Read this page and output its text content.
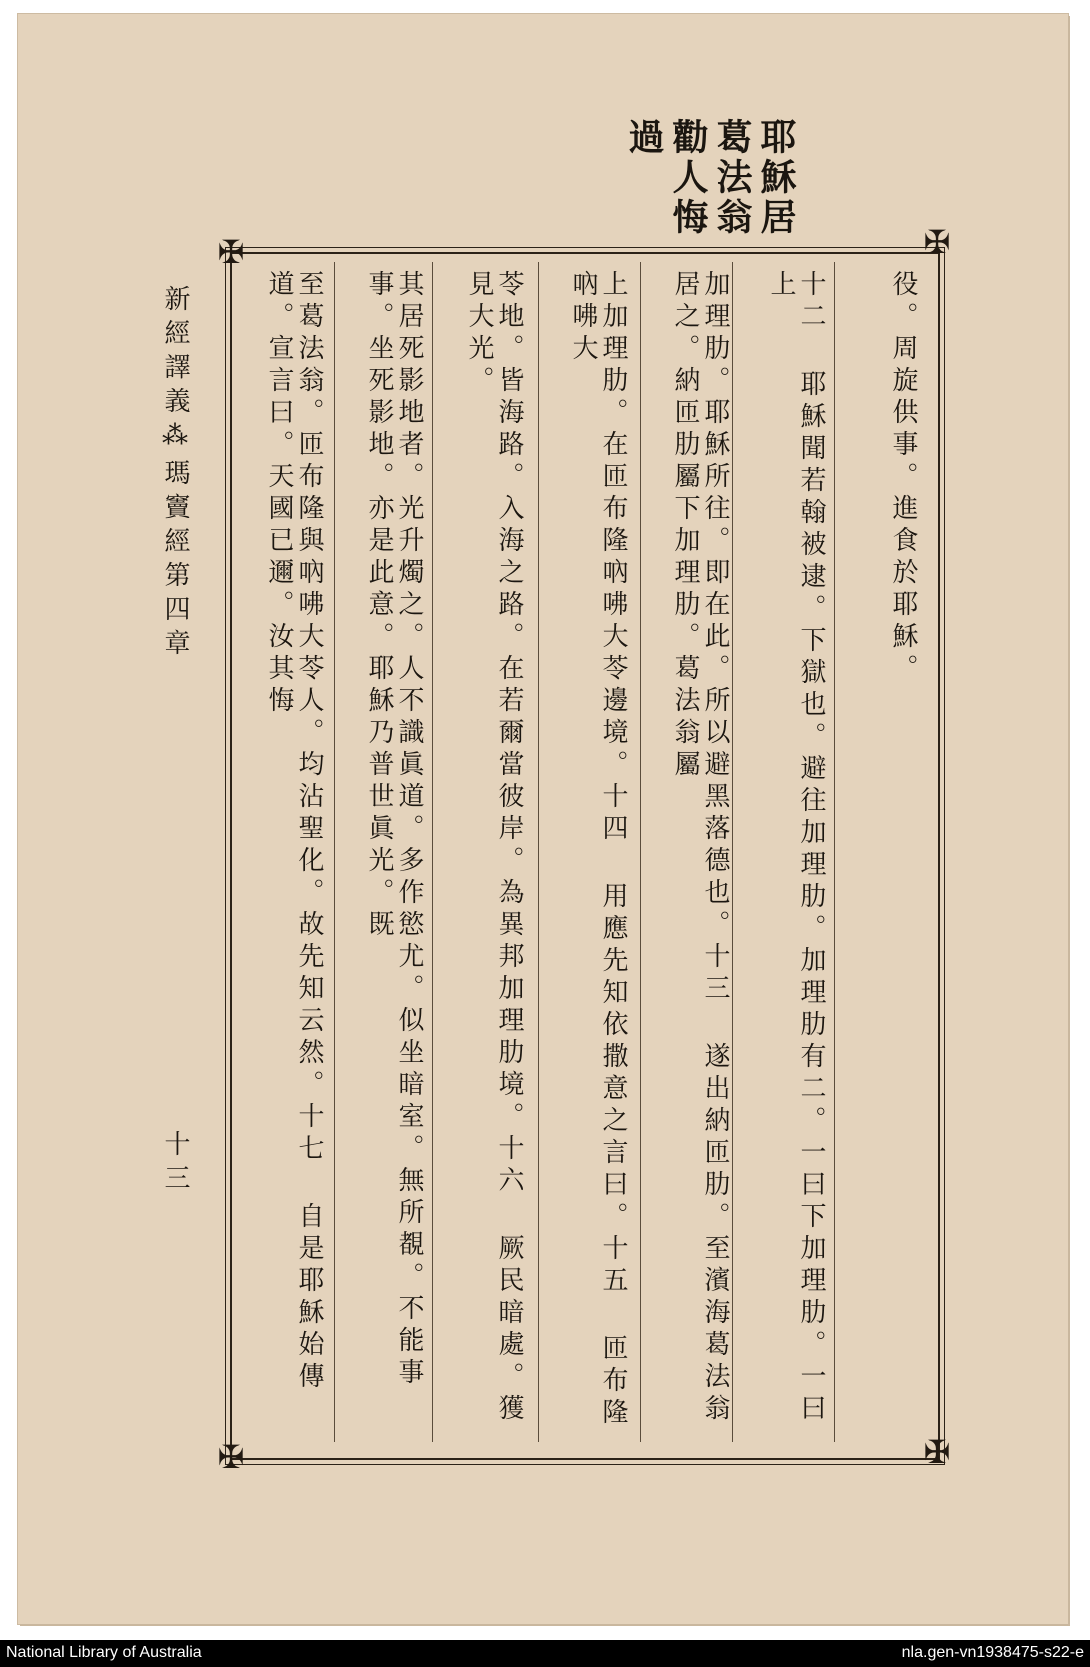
耶穌居
葛法翁
勸人悔
過
✠	✠
✠	✠
役。周旋供事。進食於耶穌。
十二 耶穌聞若翰被逮。下獄也。避往加理肋。加理肋有二。一曰下加理肋。一曰上
加理肋。耶穌所往。即在此。所以避黑落德也。十三 遂出納匝肋。至濱海葛法翁居之。納匝肋屬下加理肋。葛法翁屬
上加理肋。在匝布隆吶咈大苓邊境。十四 用應先知依撒意之言曰。十五 匝布隆吶咈大
苓地。皆海路。入海之路。在若爾當彼岸。為異邦加理肋境。十六 厥民暗處。獲見大光。
其居死影地者。光升燭之。人不識眞道。多作慾尤。似坐暗室。無所覩。不能事事。坐死影地。亦是此意。耶穌乃普世眞光。既
至葛法翁。匝布隆與吶咈大苓人。均沾聖化。故先知云然。十七 自是耶穌始傳道。宣言曰。天國已邇。汝其悔
新經譯義⁂瑪竇經第四章
十三
National Library of Australia	nla.gen-vn1938475-s22-e
